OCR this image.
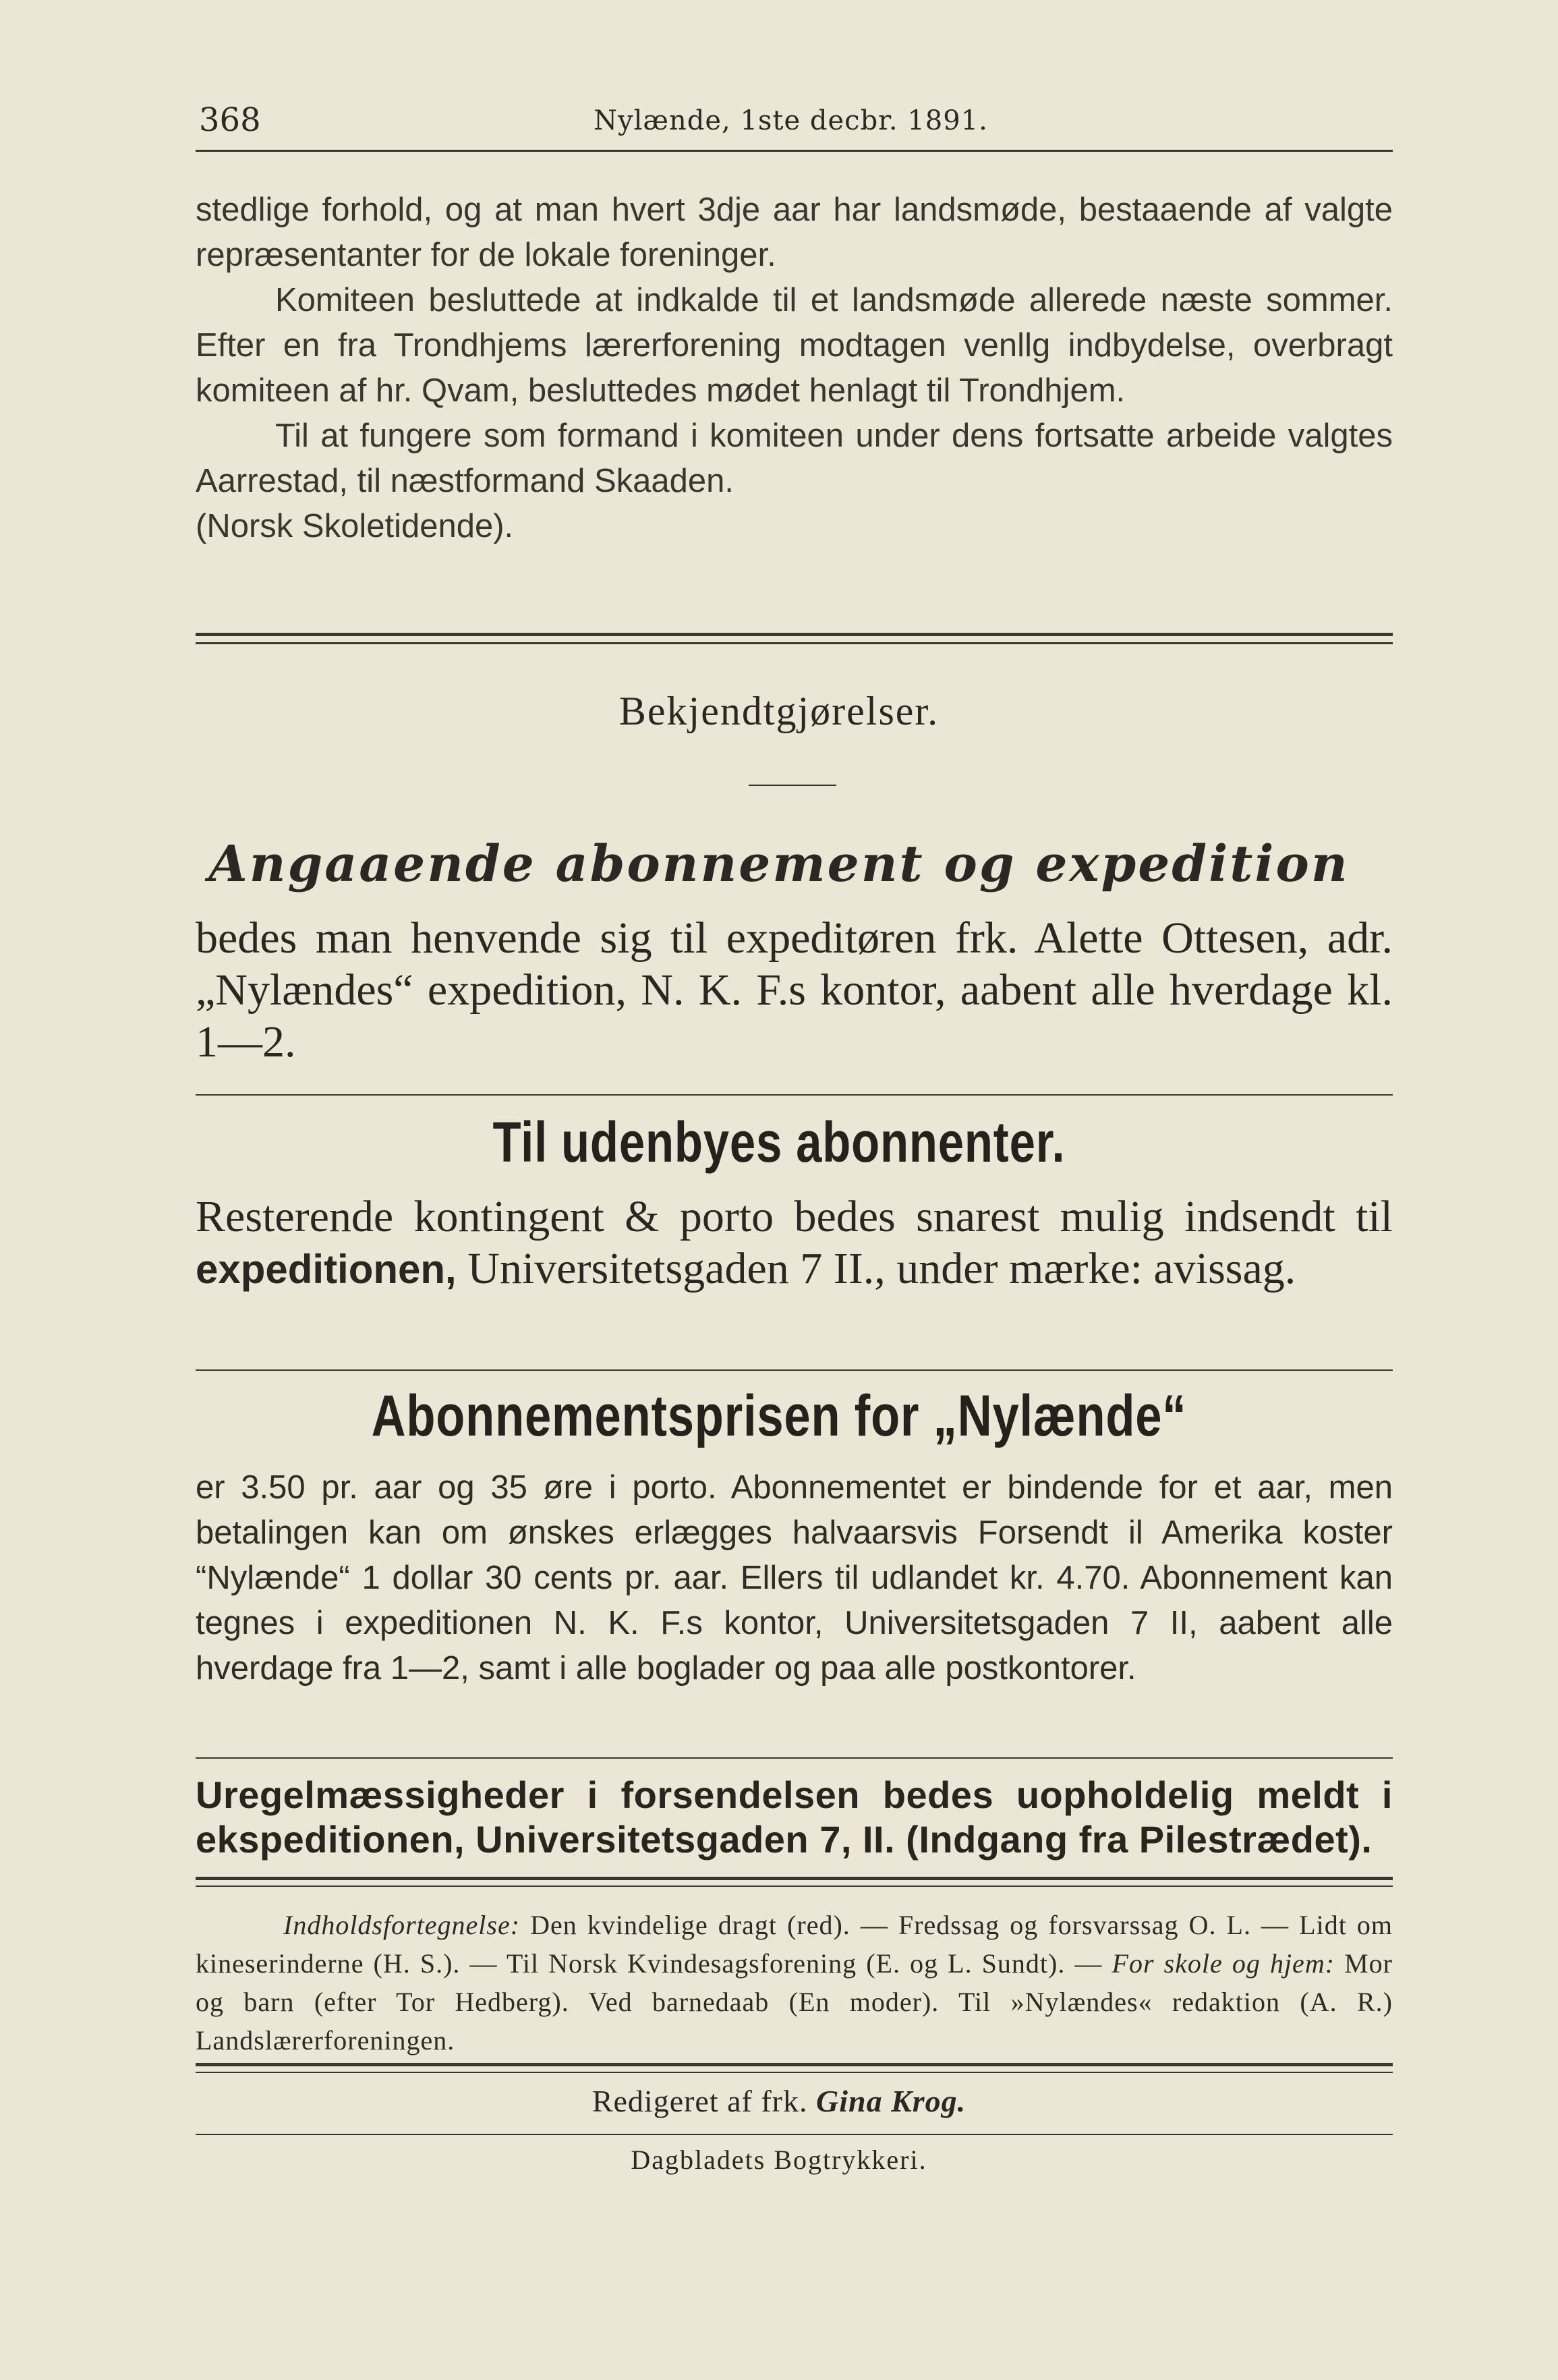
368	Nylænde, 1ste decbr. 1891.

stedlige forhold, og at man hvert 3dje aar har landsmøde, bestaaende af valgte repræsentanter for de lokale foreninger.

Komiteen besluttede at indkalde til et landsmøde allerede næste sommer. Efter en fra Trondhjems lærerforening modtagen venllg indbydelse, overbragt komiteen af hr. Qvam, besluttedes mødet henlagt til Trondhjem.

Til at fungere som formand i komiteen under dens fortsatte arbeide valgtes Aarrestad, til næstformand Skaaden.

(Norsk Skoletidende).

Bekjendtgjørelser.
Angaaende abonnement og expedition

bedes man henvende sig til expeditøren frk. Alette Ottesen, adr. „Nylændes“ expedition, N. K. F.s kontor, aabent alle hverdage kl. 1—2.

Til udenbyes abonnenter.

Resterende kontingent & porto bedes snarest mulig indsendt til expeditionen, Universitetsgaden 7 II., under mærke: avissag.

Abonnementsprisen for „Nylænde“

er 3.50 pr. aar og 35 øre i porto. Abonnementet er bindende for et aar, men betalingen kan om ønskes erlægges halvaarsvis Forsendt il Amerika koster “Nylænde“ 1 dollar 30 cents pr. aar. Ellers til udlandet kr. 4.70. Abonnement kan tegnes i expeditionen N. K. F.s kontor, Universitetsgaden 7 II, aabent alle hverdage fra 1—2, samt i alle boglader og paa alle postkontorer.

Uregelmæssigheder i forsendelsen bedes uopholdelig meldt i ekspeditionen, Universitetsgaden 7, II. (Indgang fra Pilestrædet).

Indholdsfortegnelse: Den kvindelige dragt (red). — Fredssag og forsvarssag O. L. — Lidt om kineserinderne (H. S.). — Til Norsk Kvindesagsforening (E. og L. Sundt). — For skole og hjem: Mor og barn (efter Tor Hedberg). Ved barnedaab (En moder). Til »Nylændes« redaktion (A. R.) Landslærerforeningen.

Redigeret af frk. Gina Krog.
Dagbladets Bogtrykkeri.
